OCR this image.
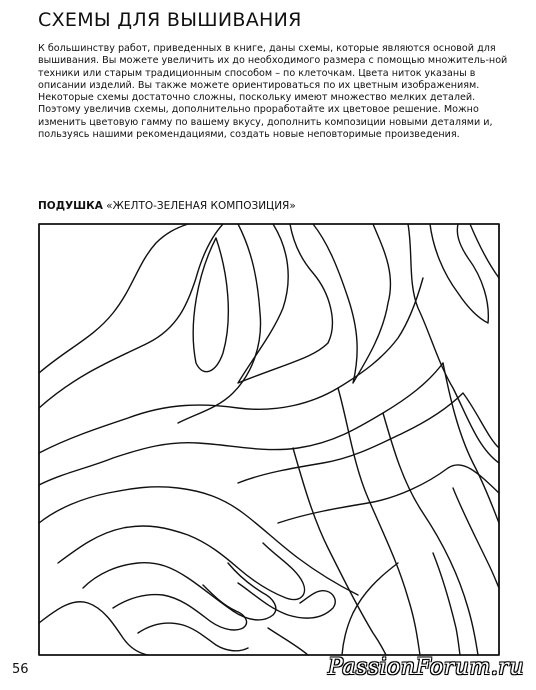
СХЕМЫ ДЛЯ ВЫШИВАНИЯ

К большинству работ, приведенных в книге, даны схемы, которые являются основой для вышивания. Вы можете увеличить их до необходимого размера с помощью множитель-ной техники или старым традиционным способом – по клеточкам. Цвета ниток указаны в описании изделий. Вы также можете ориентироваться по их цветным изображениям. Некоторые схемы достаточно сложны, поскольку имеют множество мелких деталей. Поэтому увеличив схемы, дополнительно проработайте их цветовое решение. Можно изменить цветовую гамму по вашему вкусу, дополнить композиции новыми деталями и, пользуясь нашими рекомендациями, создать новые неповторимые произведения.

ПОДУШКА «ЖЕЛТО-ЗЕЛЕНАЯ КОМПОЗИЦИЯ»

56	PassionForum.ru
